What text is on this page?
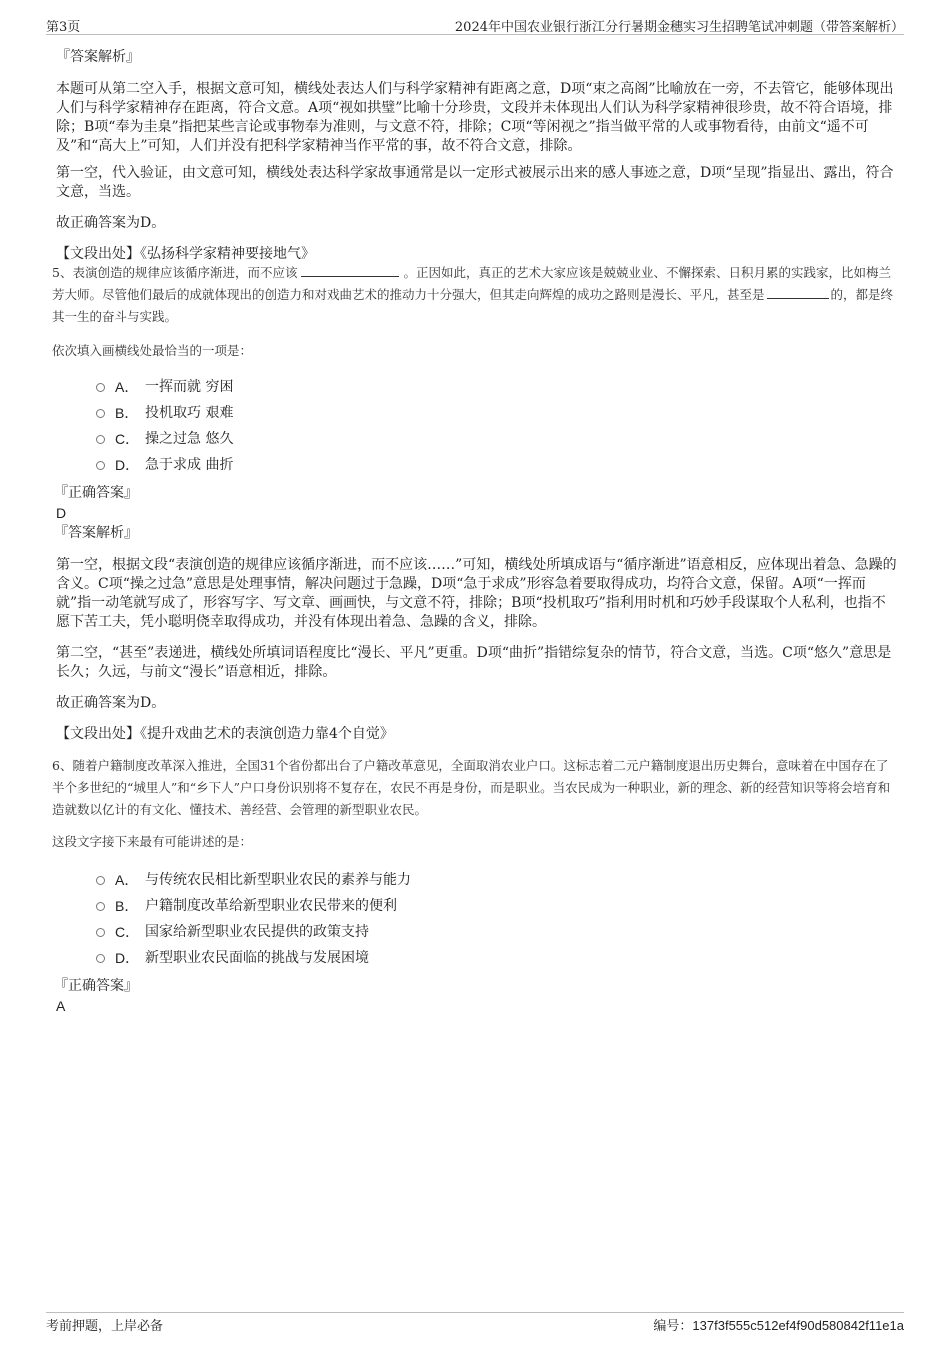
第3页	2024年中国农业银行浙江分行暑期金穗实习生招聘笔试冲刺题（带答案解析）

『答案解析』

本题可从第二空入手，根据文意可知，横线处表达人们与科学家精神有距离之意，D项“束之高阁”比喻放在一旁，不去管它，能够体现出人们与科学家精神存在距离，符合文意。A项“视如拱璧”比喻十分珍贵，文段并未体现出人们认为科学家精神很珍贵，故不符合语境，排除；B项“奉为圭臬”指把某些言论或事物奉为准则，与文意不符，排除；C项“等闲视之”指当做平常的人或事物看待，由前文“遥不可及”和“高大上”可知，人们并没有把科学家精神当作平常的事，故不符合文意，排除。

第一空，代入验证，由文意可知，横线处表达科学家故事通常是以一定形式被展示出来的感人事迹之意，D项“呈现”指显出、露出，符合文意，当选。

故正确答案为D。

【文段出处】《弘扬科学家精神要接地气》

5、表演创造的规律应该循序渐进，而不应该	。正因如此，真正的艺术大家应该是兢兢业业、不懈探索、日积月累的实践家，比如梅兰芳大师。尽管他们最后的成就体现出的创造力和对戏曲艺术的推动力十分强大，但其走向辉煌的成功之路则是漫长、平凡，甚至是	的，都是终其一生的奋斗与实践。

依次填入画横线处最恰当的一项是：

A． 一挥而就 穷困
B． 投机取巧 艰难
C． 操之过急 悠久
D． 急于求成 曲折

『正确答案』

D

『答案解析』

第一空，根据文段“表演创造的规律应该循序渐进，而不应该……”可知，横线处所填成语与“循序渐进”语意相反，应体现出着急、急躁的含义。C项“操之过急”意思是处理事情，解决问题过于急躁，D项“急于求成”形容急着要取得成功，均符合文意，保留。A项“一挥而就”指一动笔就写成了，形容写字、写文章、画画快，与文意不符，排除；B项“投机取巧”指利用时机和巧妙手段谋取个人私利，也指不愿下苦工夫，凭小聪明侥幸取得成功，并没有体现出着急、急躁的含义，排除。

第二空，“甚至”表递进，横线处所填词语程度比“漫长、平凡”更重。D项“曲折”指错综复杂的情节，符合文意，当选。C项“悠久”意思是长久；久远，与前文“漫长”语意相近，排除。

故正确答案为D。

【文段出处】《提升戏曲艺术的表演创造力靠4个自觉》

6、随着户籍制度改革深入推进，全国31个省份都出台了户籍改革意见，全面取消农业户口。这标志着二元户籍制度退出历史舞台，意味着在中国存在了半个多世纪的“城里人”和“乡下人”户口身份识别将不复存在，农民不再是身份，而是职业。当农民成为一种职业，新的理念、新的经营知识等将会培育和造就数以亿计的有文化、懂技术、善经营、会管理的新型职业农民。

这段文字接下来最有可能讲述的是：

A． 与传统农民相比新型职业农民的素养与能力
B． 户籍制度改革给新型职业农民带来的便利
C． 国家给新型职业农民提供的政策支持
D． 新型职业农民面临的挑战与发展困境

『正确答案』

A

考前押题，上岸必备	编号：137f3f555c512ef4f90d580842f11e1a
